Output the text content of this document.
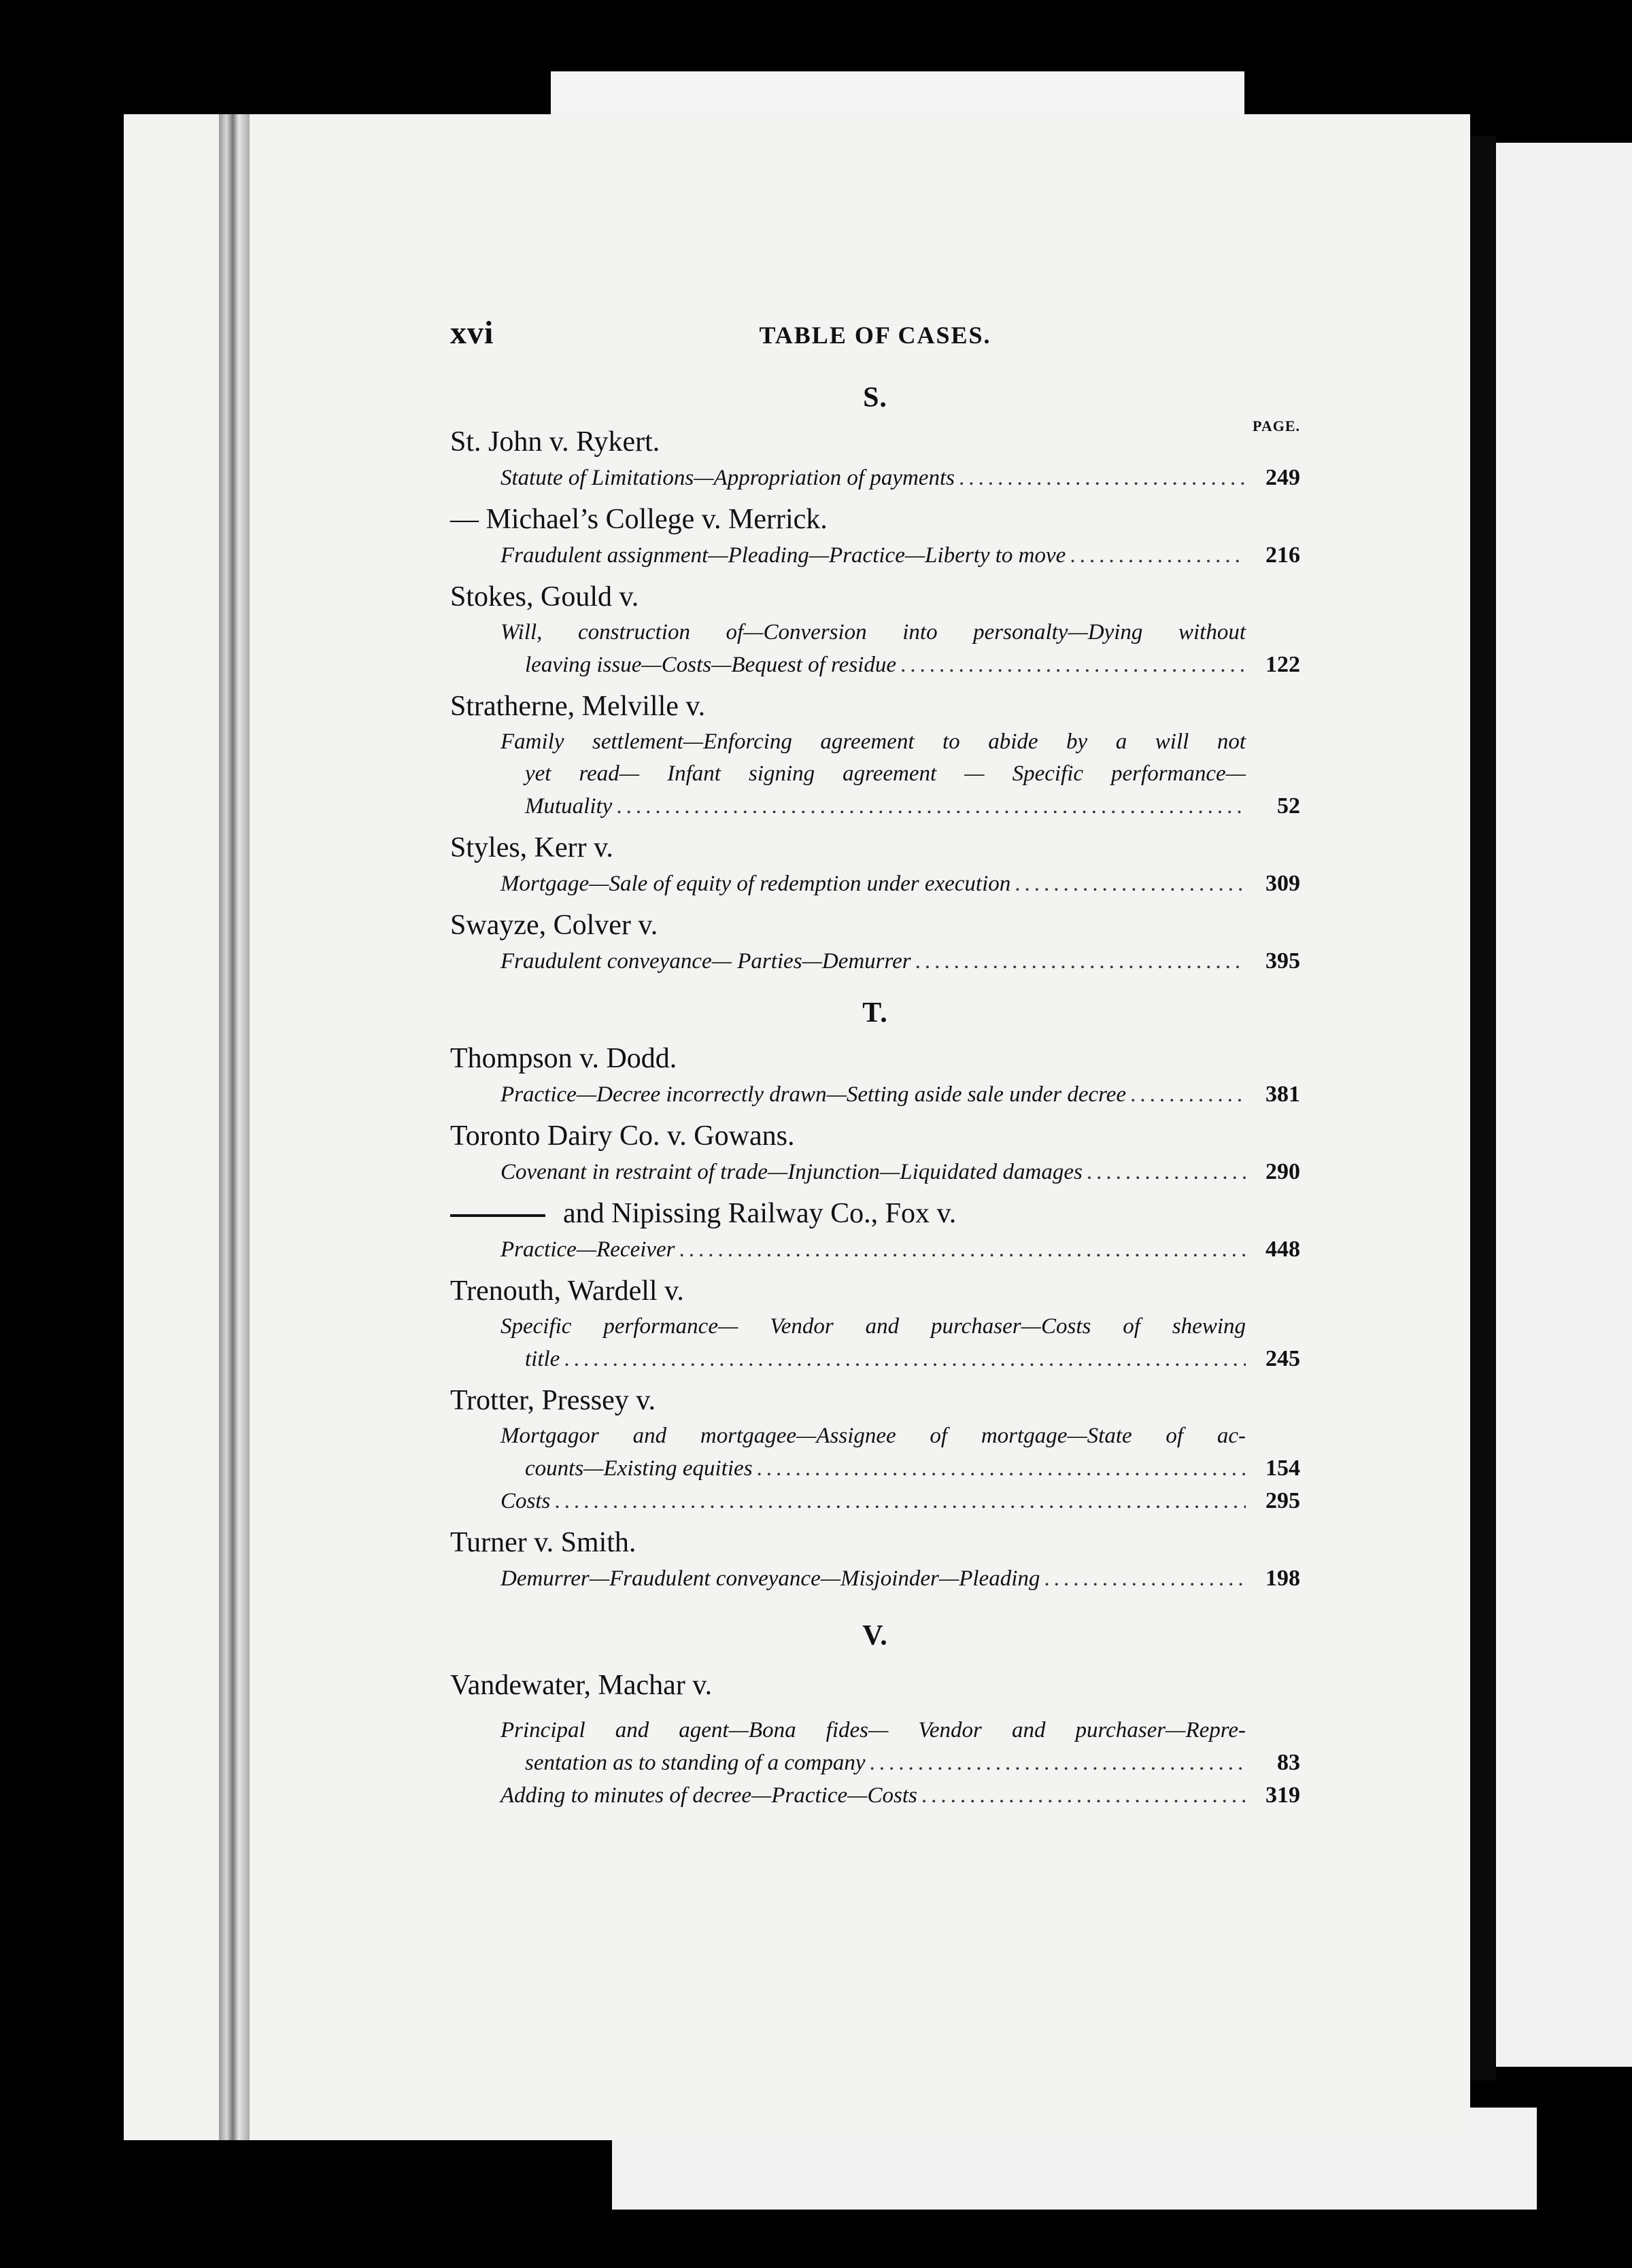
xvi	TABLE OF CASES.
S.
PAGE.
St. John v. Rykert.
Statute of Limitations—Appropriation of payments .....	249
— Michael’s College v. Merrick.
Fraudulent assignment—Pleading—Practice—Liberty to move .....	216
Stokes, Gould v.
Will, construction of—Conversion into personalty—Dying without
leaving issue—Costs—Bequest of residue .....	122
Stratherne, Melville v.
Family settlement—Enforcing agreement to abide by a will not
yet read— Infant signing agreement — Specific performance—
Mutuality .....	52
Styles, Kerr v.
Mortgage—Sale of equity of redemption under execution .....	309
Swayze, Colver v.
Fraudulent conveyance— Parties—Demurrer .....	395
T.
Thompson v. Dodd.
Practice—Decree incorrectly drawn—Setting aside sale under decree .....	381
Toronto Dairy Co. v. Gowans.
Covenant in restraint of trade—Injunction—Liquidated damages .....	290
and Nipissing Railway Co., Fox v.
Practice—Receiver .....	448
Trenouth, Wardell v.
Specific performance— Vendor and purchaser—Costs of shewing
title .....	245
Trotter, Pressey v.
Mortgagor and mortgagee—Assignee of mortgage—State of ac-
counts—Existing equities .....	154
Costs .....	295
Turner v. Smith.
Demurrer—Fraudulent conveyance—Misjoinder—Pleading .....	198
V.
Vandewater, Machar v.
Principal and agent—Bona fides— Vendor and purchaser—Repre-
sentation as to standing of a company .....	83
Adding to minutes of decree—Practice—Costs .....	319
